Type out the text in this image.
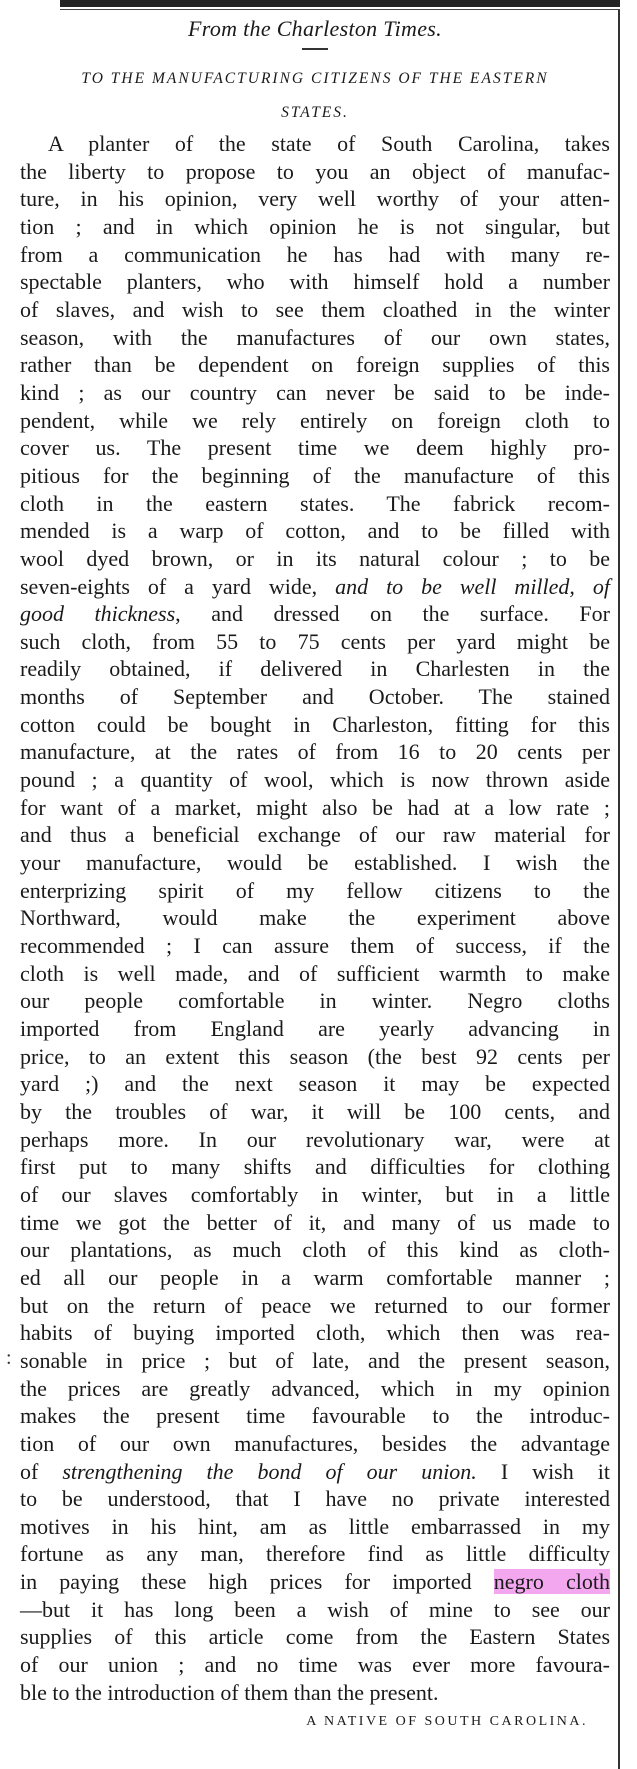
:

From the Charleston Times.

TO THE MANUFACTURING CITIZENS OF THE EASTERN
STATES.
A planter of the state of South Carolina, takes
the liberty to propose to you an object of manufac-
ture, in his opinion, very well worthy of your atten-
tion ; and in which opinion he is not singular, but
from a communication he has had with many re-
spectable planters, who with himself hold a number
of slaves, and wish to see them cloathed in the winter
season, with the manufactures of our own states,
rather than be dependent on foreign supplies of this
kind ; as our country can never be said to be inde-
pendent, while we rely entirely on foreign cloth to
cover us. The present time we deem highly pro-
pitious for the beginning of the manufacture of this
cloth in the eastern states. The fabrick recom-
mended is a warp of cotton, and to be filled with
wool dyed brown, or in its natural colour ; to be
seven-eights of a yard wide, and to be well milled, of
good thickness, and dressed on the surface. For
such cloth, from 55 to 75 cents per yard might be
readily obtained, if delivered in Charlesten in the
months of September and October. The stained
cotton could be bought in Charleston, fitting for this
manufacture, at the rates of from 16 to 20 cents per
pound ; a quantity of wool, which is now thrown aside
for want of a market, might also be had at a low rate ;
and thus a beneficial exchange of our raw material for
your manufacture, would be established. I wish the
enterprizing spirit of my fellow citizens to the
Northward, would make the experiment above
recommended ; I can assure them of success, if the
cloth is well made, and of sufficient warmth to make
our people comfortable in winter. Negro cloths
imported from England are yearly advancing in
price, to an extent this season (the best 92 cents per
yard ;) and the next season it may be expected
by the troubles of war, it will be 100 cents, and
perhaps more. In our revolutionary war, were at
first put to many shifts and difficulties for clothing
of our slaves comfortably in winter, but in a little
time we got the better of it, and many of us made to
our plantations, as much cloth of this kind as cloth-
ed all our people in a warm comfortable manner ;
but on the return of peace we returned to our former
habits of buying imported cloth, which then was rea-
sonable in price ; but of late, and the present season,
the prices are greatly advanced, which in my opinion
makes the present time favourable to the introduc-
tion of our own manufactures, besides the advantage
of strengthening the bond of our union. I wish it
to be understood, that I have no private interested
motives in his hint, am as little embarrassed in my
fortune as any man, therefore find as little difficulty
in paying these high prices for imported negro cloth
—but it has long been a wish of mine to see our
supplies of this article come from the Eastern States
of our union ; and no time was ever more favoura-
ble to the introduction of them than the present.

A NATIVE OF SOUTH CAROLINA.
